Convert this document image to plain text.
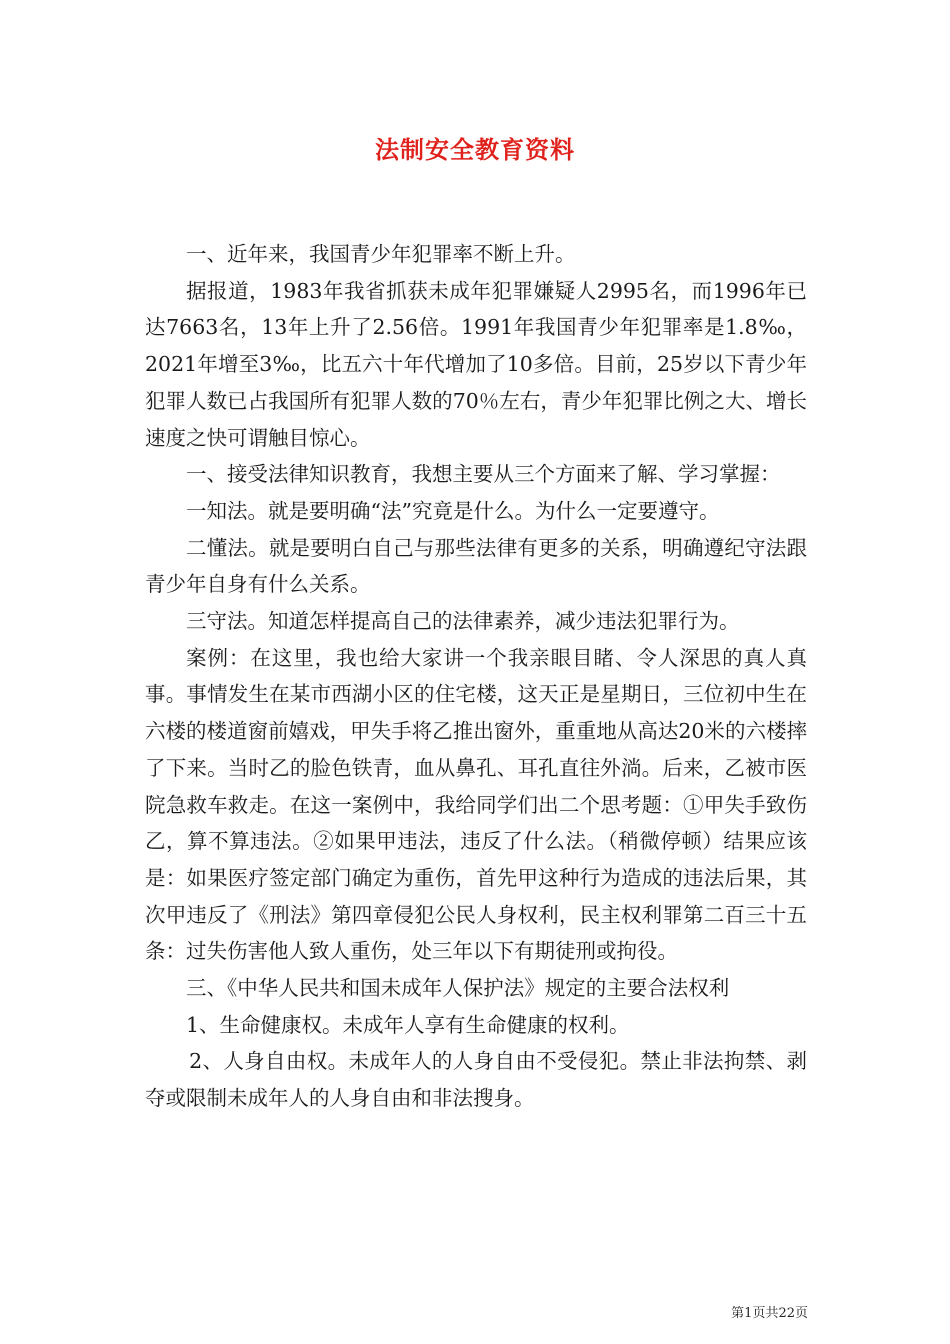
法制安全教育资料

一、近年来，我国青少年犯罪率不断上升。

据报道，1983年我省抓获未成年犯罪嫌疑人2995名，而1996年已达7663名，13年上升了2.56倍。1991年我国青少年犯罪率是1.8‰，2021年增至3‰，比五六十年代增加了10多倍。目前，25岁以下青少年犯罪人数已占我国所有犯罪人数的70％左右，青少年犯罪比例之大、增长速度之快可谓触目惊心。

一、接受法律知识教育，我想主要从三个方面来了解、学习掌握：

一知法。就是要明确“法”究竟是什么。为什么一定要遵守。

二懂法。就是要明白自己与那些法律有更多的关系，明确遵纪守法跟青少年自身有什么关系。

三守法。知道怎样提高自己的法律素养，减少违法犯罪行为。

案例：在这里，我也给大家讲一个我亲眼目睹、令人深思的真人真事。事情发生在某市西湖小区的住宅楼，这天正是星期日，三位初中生在六楼的楼道窗前嬉戏，甲失手将乙推出窗外，重重地从高达20米的六楼摔了下来。当时乙的脸色铁青，血从鼻孔、耳孔直往外淌。后来，乙被市医院急救车救走。在这一案例中，我给同学们出二个思考题：①甲失手致伤乙，算不算违法。②如果甲违法，违反了什么法。（稍微停顿）结果应该是：如果医疗签定部门确定为重伤，首先甲这种行为造成的违法后果，其次甲违反了《刑法》第四章侵犯公民人身权利，民主权利罪第二百三十五条：过失伤害他人致人重伤，处三年以下有期徒刑或拘役。

三、《中华人民共和国未成年人保护法》规定的主要合法权利

1、生命健康权。未成年人享有生命健康的权利。

2、人身自由权。未成年人的人身自由不受侵犯。禁止非法拘禁、剥夺或限制未成年人的人身自由和非法搜身。

第1页共22页
